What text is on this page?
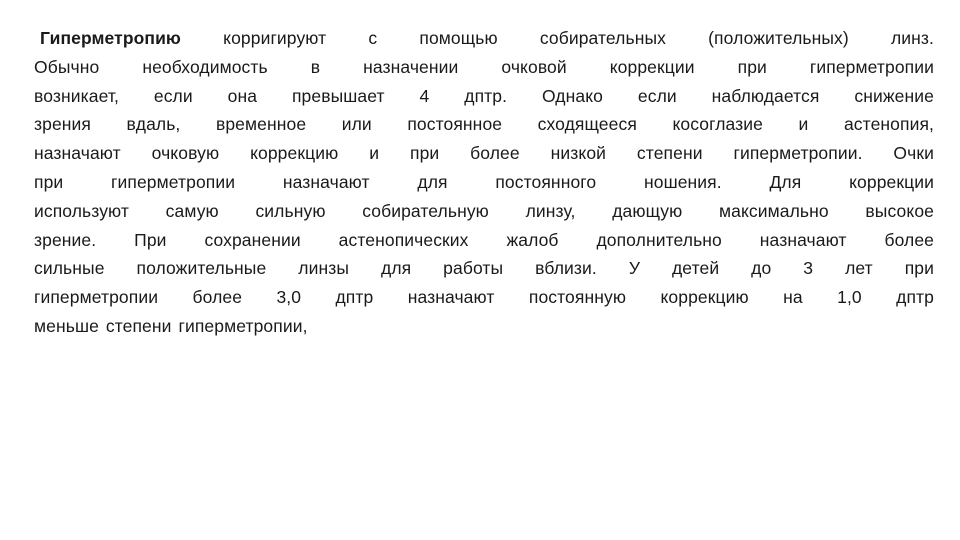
Гиперметропию корригируют с помощью собирательных (положительных) линз.
Обычно необходимость в назначении очковой коррекции при гиперметропии
возникает, если она превышает 4 дптр. Однако если наблюдается снижение
зрения вдаль, временное или постоянное сходящееся косоглазие и астенопия,
назначают очковую коррекцию и при более низкой степени гиперметропии. Очки
при гиперметропии назначают для постоянного ношения. Для коррекции
используют самую сильную собирательную линзу, дающую максимально высокое
зрение. При сохранении астенопических жалоб дополнительно назначают более
сильные положительные линзы для работы вблизи. У детей до 3 лет при
гиперметропии более 3,0 дптр назначают постоянную коррекцию на 1,0 дптр
меньше степени гиперметропии,
